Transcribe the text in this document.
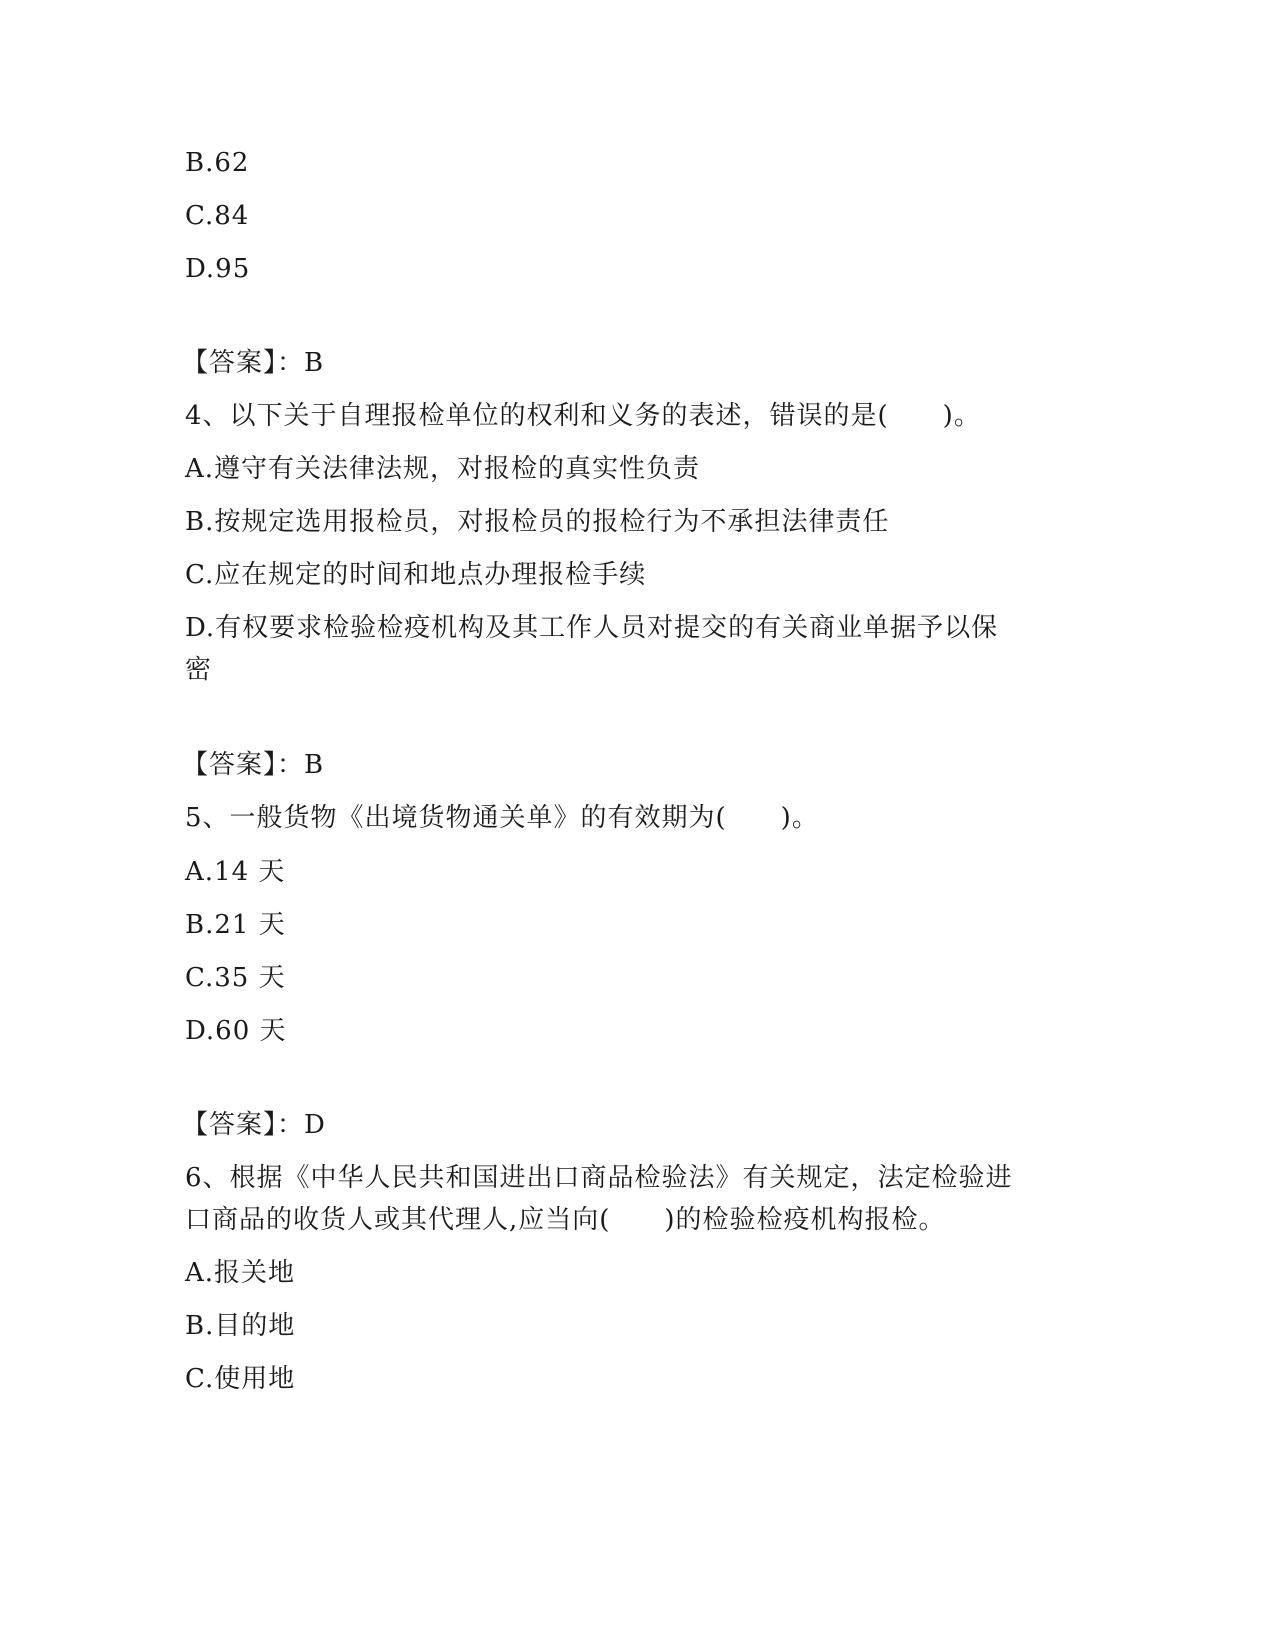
B.62
C.84
D.95
【答案】：B
4、以下关于自理报检单位的权利和义务的表述，错误的是(　　)。
A.遵守有关法律法规，对报检的真实性负责
B.按规定选用报检员，对报检员的报检行为不承担法律责任
C.应在规定的时间和地点办理报检手续
D.有权要求检验检疫机构及其工作人员对提交的有关商业单据予以保
密
【答案】：B
5、一般货物《出境货物通关单》的有效期为(　　)。
A.14 天
B.21 天
C.35 天
D.60 天
【答案】：D
6、根据《中华人民共和国进出口商品检验法》有关规定，法定检验进
口商品的收货人或其代理人,应当向(　　)的检验检疫机构报检。
A.报关地
B.目的地
C.使用地
